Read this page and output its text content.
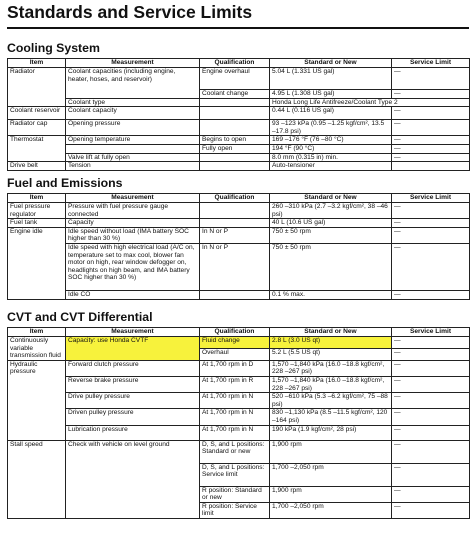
Standards and Service Limits
Cooling System
Item	Measurement	Qualification	Standard or New	Service Limit
Radiator	Coolant capacities (including engine, heater, hoses, and reservoir)	Engine overhaul	5.04 L (1.331 US gal)	—
		Coolant change	4.95 L (1.308 US gal)	—
	Coolant type		Honda Long Life Antifreeze/Coolant Type 2	
Coolant reservoir	Coolant capacity		0.44 L (0.116 US gal)	—
Radiator cap	Opening pressure		93 –123 kPa (0.95 –1.25 kgf/cm², 13.5 –17.8 psi)	—
Thermostat	Opening temperature	Begins to open	169 –176 °F (76 –80 °C)	—
		Fully open	194 °F (90 °C)	—
	Valve lift at fully open		8.0 mm (0.315 in) min.	—
Drive belt	Tension		Auto-tensioner	
Fuel and Emissions
Item	Measurement	Qualification	Standard or New	Service Limit
Fuel pressure regulator	Pressure with fuel pressure gauge connected		260 –310 kPa (2.7 –3.2 kgf/cm², 38 –46 psi)	—
Fuel tank	Capacity		40 L (10.6 US gal)	—
Engine idle	Idle speed without load (IMA battery SOC higher than 30 %)	In N or P	750 ± 50 rpm	—
	Idle speed with high electrical load (A/C on, temperature set to max cool, blower fan motor on high, rear window defogger on, headlights on high beam, and IMA battery SOC higher than 30 %)	In N or P	750 ± 50 rpm	—
	Idle CO		0.1 % max.	—
CVT and CVT Differential
Item	Measurement	Qualification	Standard or New	Service Limit
Continuously variable transmission fluid	Capacity: use Honda CVTF	Fluid change	2.8 L (3.0 US qt)	—
		Overhaul	5.2 L (5.5 US qt)	—
Hydraulic pressure	Forward clutch pressure	At 1,700 rpm in D	1,570 –1,840 kPa (16.0 –18.8 kgf/cm², 228 –267 psi)	—
	Reverse brake pressure	At 1,700 rpm in R	1,570 –1,840 kPa (16.0 –18.8 kgf/cm², 228 –267 psi)	—
	Drive pulley pressure	At 1,700 rpm in N	520 –610 kPa (5.3 –6.2 kgf/cm², 75 –88 psi)	—
	Driven pulley pressure	At 1,700 rpm in N	830 –1,130 kPa (8.5 –11.5 kgf/cm², 120 –164 psi)	—
	Lubrication pressure	At 1,700 rpm in N	190 kPa (1.9 kgf/cm², 28 psi)	—
Stall speed	Check with vehicle on level ground	D, S, and L positions: Standard or new	1,900 rpm	—
		D, S, and L positions: Service limit	1,700 –2,050 rpm	—
		R position: Standard or new	1,900 rpm	—
		R position: Service limit	1,700 –2,050 rpm	—
